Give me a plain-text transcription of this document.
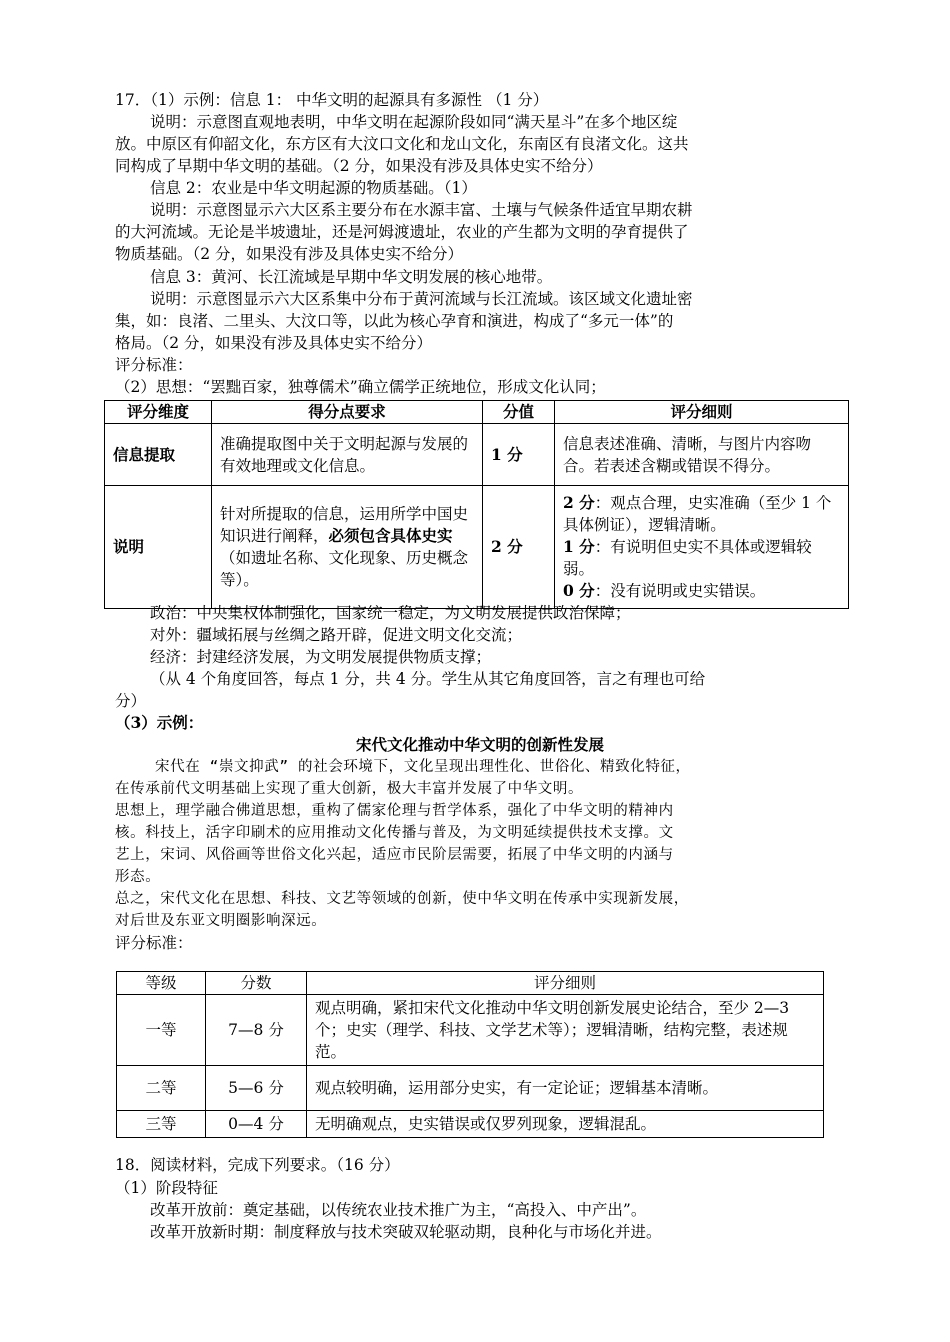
17．（1）示例：信息 1： 中华文明的起源具有多源性 （1 分）
说明：示意图直观地表明，中华文明在起源阶段如同“满天星斗”在多个地区绽
放。中原区有仰韶文化，东方区有大汶口文化和龙山文化，东南区有良渚文化。这共
同构成了早期中华文明的基础。（2 分，如果没有涉及具体史实不给分）
信息 2：农业是中华文明起源的物质基础。（1）
说明：示意图显示六大区系主要分布在水源丰富、土壤与气候条件适宜早期农耕
的大河流域。无论是半坡遗址，还是河姆渡遗址，农业的产生都为文明的孕育提供了
物质基础。（2 分，如果没有涉及具体史实不给分）
信息 3：黄河、长江流域是早期中华文明发展的核心地带。
说明：示意图显示六大区系集中分布于黄河流域与长江流域。该区域文化遗址密
集，如：良渚、二里头、大汶口等，以此为核心孕育和演进，构成了“多元一体”的
格局。（2 分，如果没有涉及具体史实不给分）
评分标准：
（2）思想：“罢黜百家，独尊儒术”确立儒学正统地位，形成文化认同；
评分维度	得分点要求	分值	评分细则
信息提取	准确提取图中关于文明起源与发展的有效地理或文化信息。	1 分	信息表述准确、清晰，与图片内容吻合。若表述含糊或错误不得分。
说明	针对所提取的信息，运用所学中国史知识进行阐释，必须包含具体史实（如遗址名称、文化现象、历史概念等）。	2 分	2 分：观点合理，史实准确（至少 1 个具体例证），逻辑清晰。
1 分：有说明但史实不具体或逻辑较弱。
0 分：没有说明或史实错误。
政治：中央集权体制强化，国家统一稳定，为文明发展提供政治保障；
对外：疆域拓展与丝绸之路开辟，促进文明文化交流；
经济：封建经济发展，为文明发展提供物质支撑；
（从 4 个角度回答，每点 1 分，共 4 分。学生从其它角度回答，言之有理也可给
分）
（3）示例：
宋代文化推动中华文明的创新性发展
宋代在 “崇文抑武” 的社会环境下，文化呈现出理性化、世俗化、精致化特征，
在传承前代文明基础上实现了重大创新，极大丰富并发展了中华文明。
思想上，理学融合佛道思想，重构了儒家伦理与哲学体系，强化了中华文明的精神内
核。科技上，活字印刷术的应用推动文化传播与普及，为文明延续提供技术支撑。文
艺上，宋词、风俗画等世俗文化兴起，适应市民阶层需要，拓展了中华文明的内涵与
形态。
总之，宋代文化在思想、科技、文艺等领域的创新，使中华文明在传承中实现新发展，
对后世及东亚文明圈影响深远。
评分标准：
等级	分数	评分细则
一等	7—8 分	观点明确，紧扣宋代文化推动中华文明创新发展史论结合，至少 2—3 个；史实（理学、科技、文学艺术等）；逻辑清晰，结构完整，表述规范。
二等	5—6 分	观点较明确，运用部分史实，有一定论证；逻辑基本清晰。
三等	0—4 分	无明确观点，史实错误或仅罗列现象，逻辑混乱。
18．阅读材料，完成下列要求。（16 分）
（1）阶段特征
改革开放前：奠定基础，以传统农业技术推广为主，“高投入、中产出”。
改革开放新时期：制度释放与技术突破双轮驱动期，良种化与市场化并进。
